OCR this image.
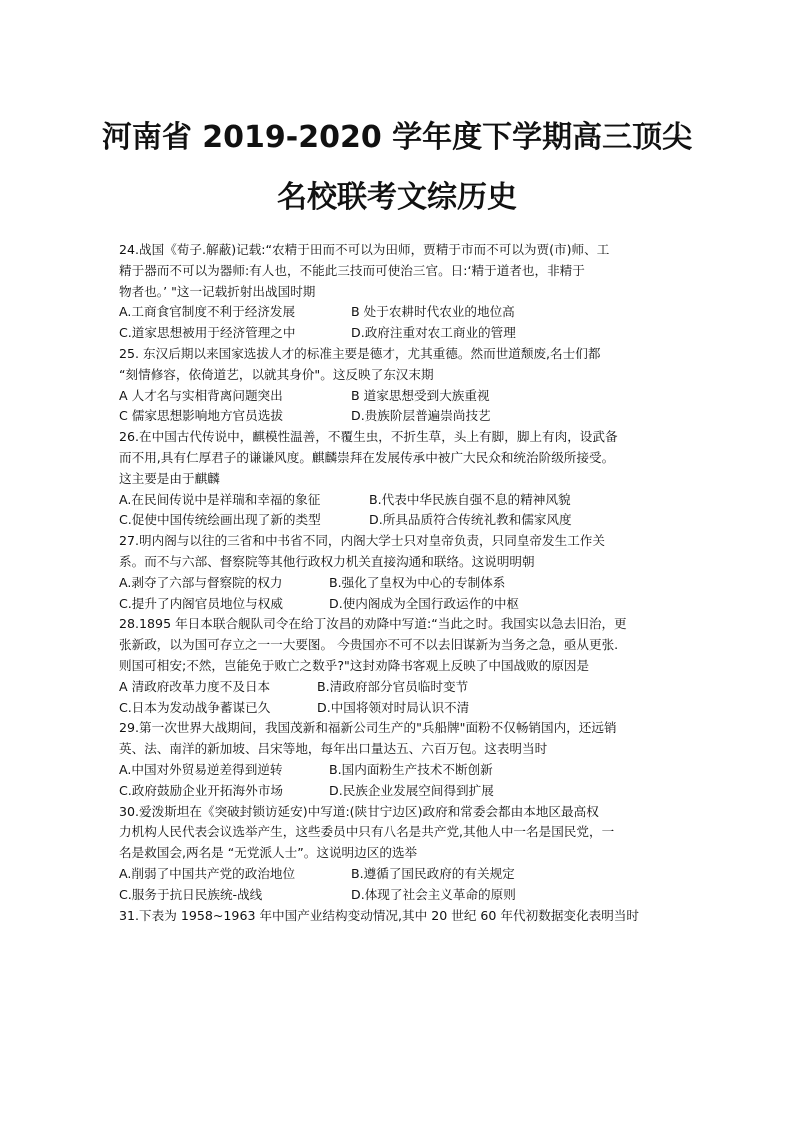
河南省 2019-2020 学年度下学期高三顶尖
名校联考文综历史
24.战国《荀子.解蔽)记载:“农精于田而不可以为田师，贾精于市而不可以为贾(市)师、工
精于器而不可以为器师:有人也，不能此三技而可使治三官。日:‘精于道者也，非精于
物者也。’ "这一记载折射出战国时期
A.工商食官制度不利于经济发展	B 处于农耕时代农业的地位高
C.道家思想被用于经济管理之中	D.政府注重对农工商业的管理
25. 东汉后期以来国家选拔人才的标准主要是德才，尤其重德。然而世道颓废,名士们都
“刻情修容，依倚道艺，以就其身价"。这反映了东汉末期
A 人才名与实相背离问题突出	B 道家思想受到大族重视
C 儒家思想影响地方官员选拔	D.贵族阶层普遍崇尚技艺
26.在中国古代传说中，麒模性温善，不覆生虫，不折生草，头上有脚，脚上有肉，设武备
而不用,具有仁厚君子的谦谦风度。麒麟崇拜在发展传承中被广大民众和统治阶级所接受。
这主要是由于麒麟
A.在民间传说中是祥瑞和幸福的象征	B.代表中华民族自强不息的精神风貌
C.促使中国传统绘画出现了新的类型	D.所具品质符合传统礼教和儒家风度
27.明内阁与以往的三省和中书省不同，内阁大学士只对皇帝负责，只同皇帝发生工作关
系。而不与六部、督察院等其他行政权力机关直接沟通和联络。这说明明朝
A.剥夺了六部与督察院的权力	B.强化了皇权为中心的专制体系
C.提升了内阁官员地位与权威	D.使内阁成为全国行政运作的中枢
28.1895 年日本联合舰队司令在给丁汝昌的劝降中写道:“当此之时。我国实以急去旧治，更
张新政，以为国可存立之一一大要图。 今贵国亦不可不以去旧谋新为当务之急，亟从更张.
则国可相安;不然，岂能免于败亡之数乎?"这封劝降书客观上反映了中国战败的原因是
A 清政府改革力度不及日本	B.清政府部分官员临时变节
C.日本为发动战争蓄谋已久	D.中国将领对时局认识不清
29.第一次世界大战期间，我国茂新和福新公司生产的"兵船牌"面粉不仅畅销国内，还远销
英、法、南洋的新加坡、吕宋等地，每年出口量达五、六百万包。这表明当时
A.中国对外贸易逆差得到逆转	B.国内面粉生产技术不断创新
C.政府鼓励企业开拓海外市场	D.民族企业发展空间得到扩展
30.爱泼斯坦在《突破封锁访延安)中写道:(陕甘宁边区)政府和常委会都由本地区最高权
力机构人民代表会议选举产生，这些委员中只有八名是共产党,其他人中一名是国民党，一
名是救国会,两名是 “无党派人士”。这说明边区的选举
A.削弱了中国共产党的政治地位	B.遵循了国民政府的有关规定
C.服务于抗日民族统-战线	D.体现了社会主义革命的原则
31.下表为 1958~1963 年中国产业结构变动情况,其中 20 世纪 60 年代初数据变化表明当时
